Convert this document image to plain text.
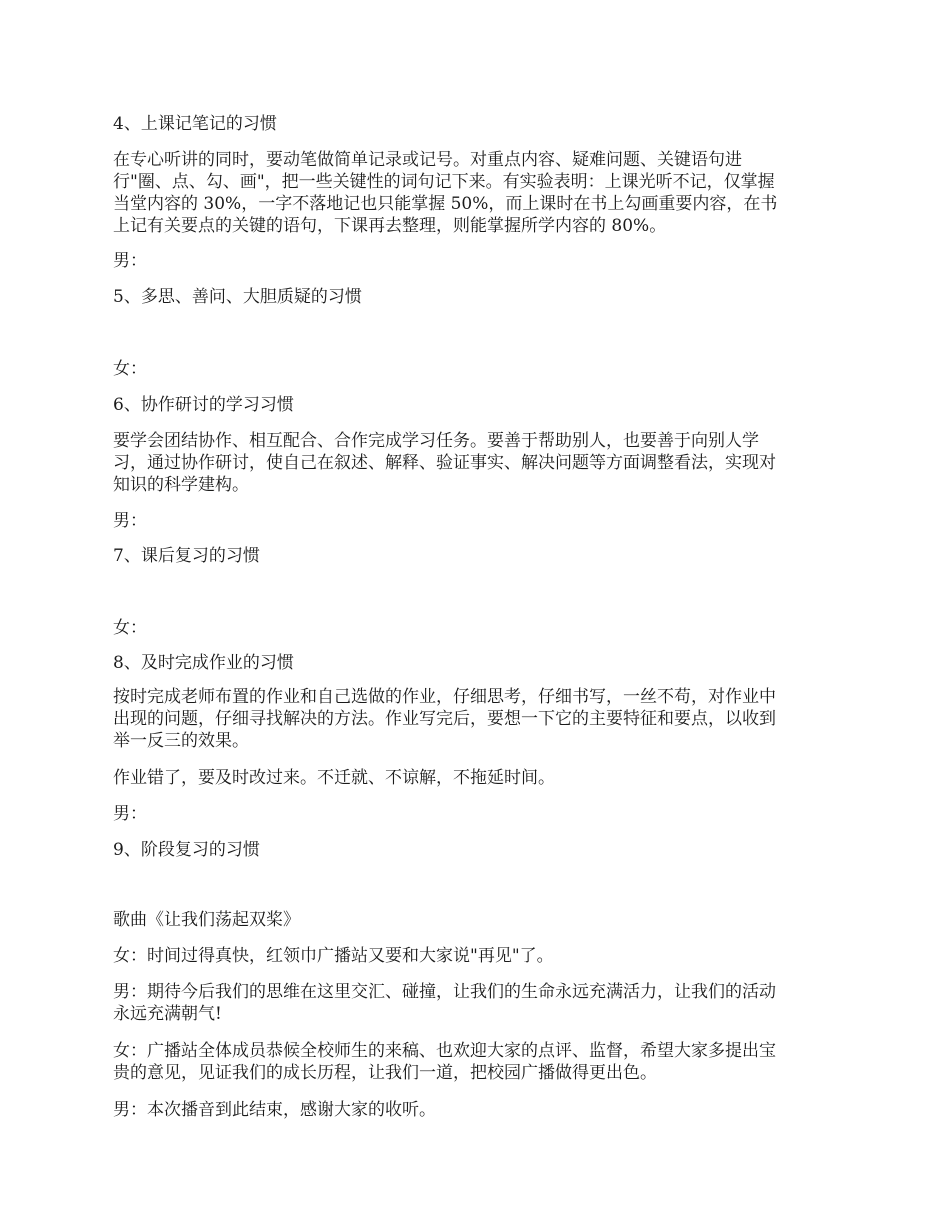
4、上课记笔记的习惯

在专心听讲的同时，要动笔做简单记录或记号。对重点内容、疑难问题、关键语句进
行"圈、点、勾、画"，把一些关键性的词句记下来。有实验表明：上课光听不记，仅掌握
当堂内容的 30%，一字不落地记也只能掌握 50%，而上课时在书上勾画重要内容，在书
上记有关要点的关键的语句，下课再去整理，则能掌握所学内容的 80%。

男：

5、多思、善问、大胆质疑的习惯

女：

6、协作研讨的学习习惯

要学会团结协作、相互配合、合作完成学习任务。要善于帮助别人，也要善于向别人学
习，通过协作研讨，使自己在叙述、解释、验证事实、解决问题等方面调整看法，实现对
知识的科学建构。

男：

7、课后复习的习惯

女：

8、及时完成作业的习惯

按时完成老师布置的作业和自己选做的作业，仔细思考，仔细书写，一丝不苟，对作业中
出现的问题，仔细寻找解决的方法。作业写完后，要想一下它的主要特征和要点，以收到
举一反三的效果。

作业错了，要及时改过来。不迁就、不谅解，不拖延时间。

男：

9、阶段复习的习惯

歌曲《让我们荡起双桨》

女：时间过得真快，红领巾广播站又要和大家说"再见"了。

男：期待今后我们的思维在这里交汇、碰撞，让我们的生命永远充满活力，让我们的活动
永远充满朝气!

女：广播站全体成员恭候全校师生的来稿、也欢迎大家的点评、监督，希望大家多提出宝
贵的意见，见证我们的成长历程，让我们一道，把校园广播做得更出色。

男：本次播音到此结束，感谢大家的收听。
